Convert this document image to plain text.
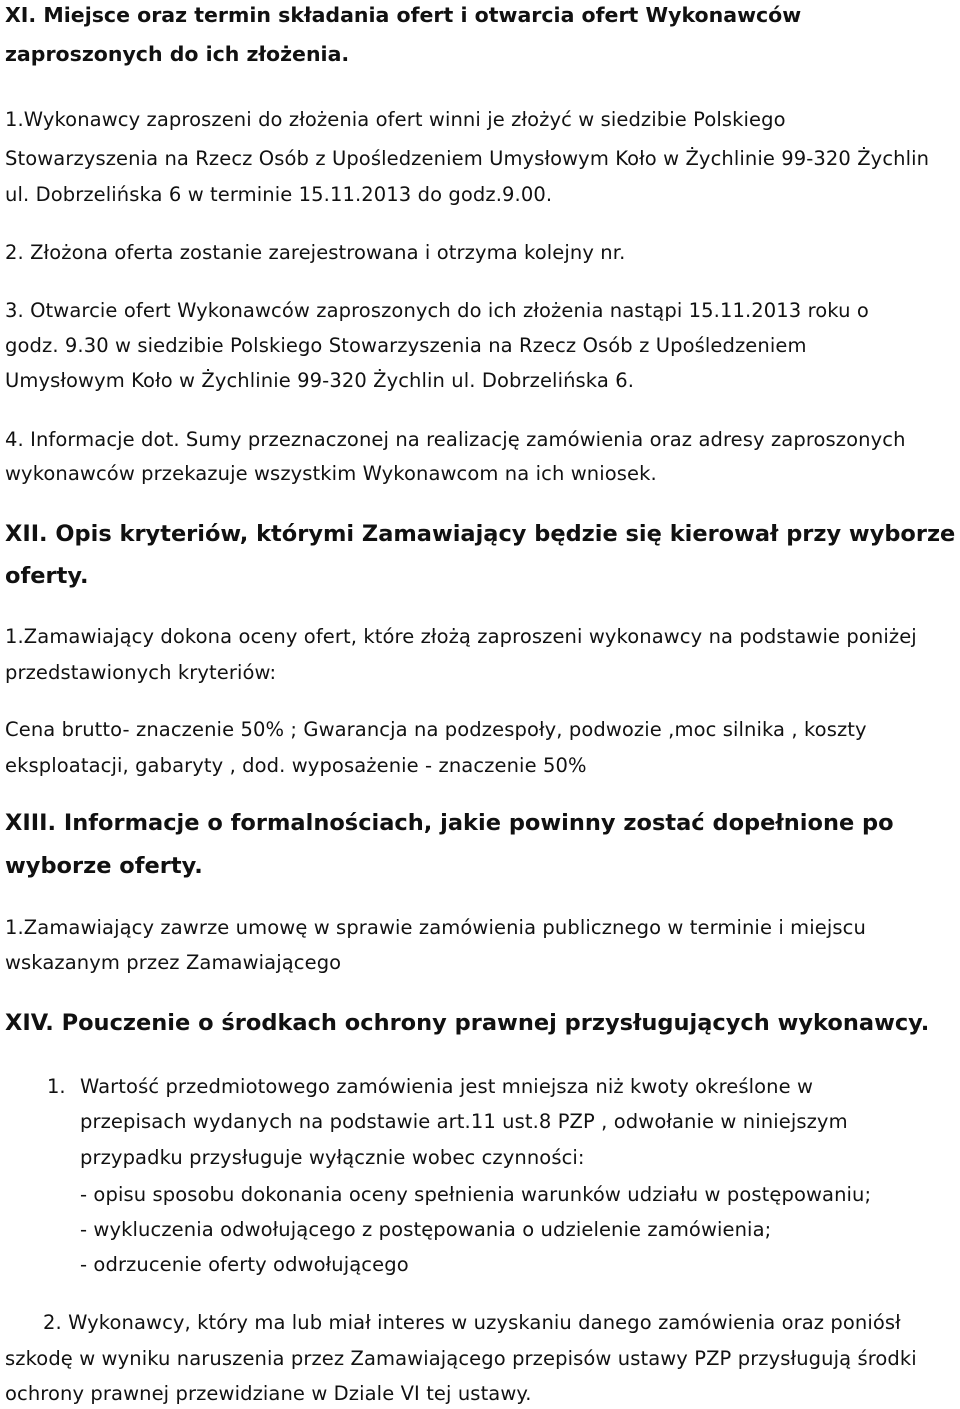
XI. Miejsce oraz termin składania ofert i otwarcia ofert Wykonawców
zaproszonych do ich złożenia.
1.Wykonawcy zaproszeni do złożenia ofert winni je złożyć w siedzibie Polskiego
Stowarzyszenia na Rzecz Osób z Upośledzeniem Umysłowym Koło w Żychlinie 99-320 Żychlin
ul. Dobrzelińska 6 w terminie 15.11.2013 do godz.9.00.
2. Złożona oferta zostanie zarejestrowana i otrzyma kolejny nr.
3. Otwarcie ofert Wykonawców zaproszonych do ich złożenia nastąpi 15.11.2013 roku o
godz. 9.30 w siedzibie Polskiego Stowarzyszenia na Rzecz Osób z Upośledzeniem
Umysłowym Koło w Żychlinie 99-320 Żychlin ul. Dobrzelińska 6.
4. Informacje dot. Sumy przeznaczonej na realizację zamówienia oraz adresy zaproszonych
wykonawców przekazuje wszystkim Wykonawcom na ich wniosek.
XII. Opis kryteriów, którymi Zamawiający będzie się kierował przy wyborze
oferty.
1.Zamawiający dokona oceny ofert, które złożą zaproszeni wykonawcy na podstawie poniżej
przedstawionych kryteriów:
Cena brutto- znaczenie 50% ; Gwarancja na podzespoły, podwozie ,moc silnika , koszty
eksploatacji, gabaryty , dod. wyposażenie - znaczenie 50%
XIII. Informacje o formalnościach, jakie powinny zostać dopełnione po
wyborze oferty.
1.Zamawiający zawrze umowę w sprawie zamówienia publicznego w terminie i miejscu
wskazanym przez Zamawiającego
XIV. Pouczenie o środkach ochrony prawnej przysługujących wykonawcy.
1. Wartość przedmiotowego zamówienia jest mniejsza niż kwoty określone w
przepisach wydanych na podstawie art.11 ust.8 PZP , odwołanie w niniejszym
przypadku przysługuje wyłącznie wobec czynności:
- opisu sposobu dokonania oceny spełnienia warunków udziału w postępowaniu;
- wykluczenia odwołującego z postępowania o udzielenie zamówienia;
- odrzucenie oferty odwołującego
2. Wykonawcy, który ma lub miał interes w uzyskaniu danego zamówienia oraz poniósł
szkodę w wyniku naruszenia przez Zamawiającego przepisów ustawy PZP przysługują środki
ochrony prawnej przewidziane w Dziale VI tej ustawy.
